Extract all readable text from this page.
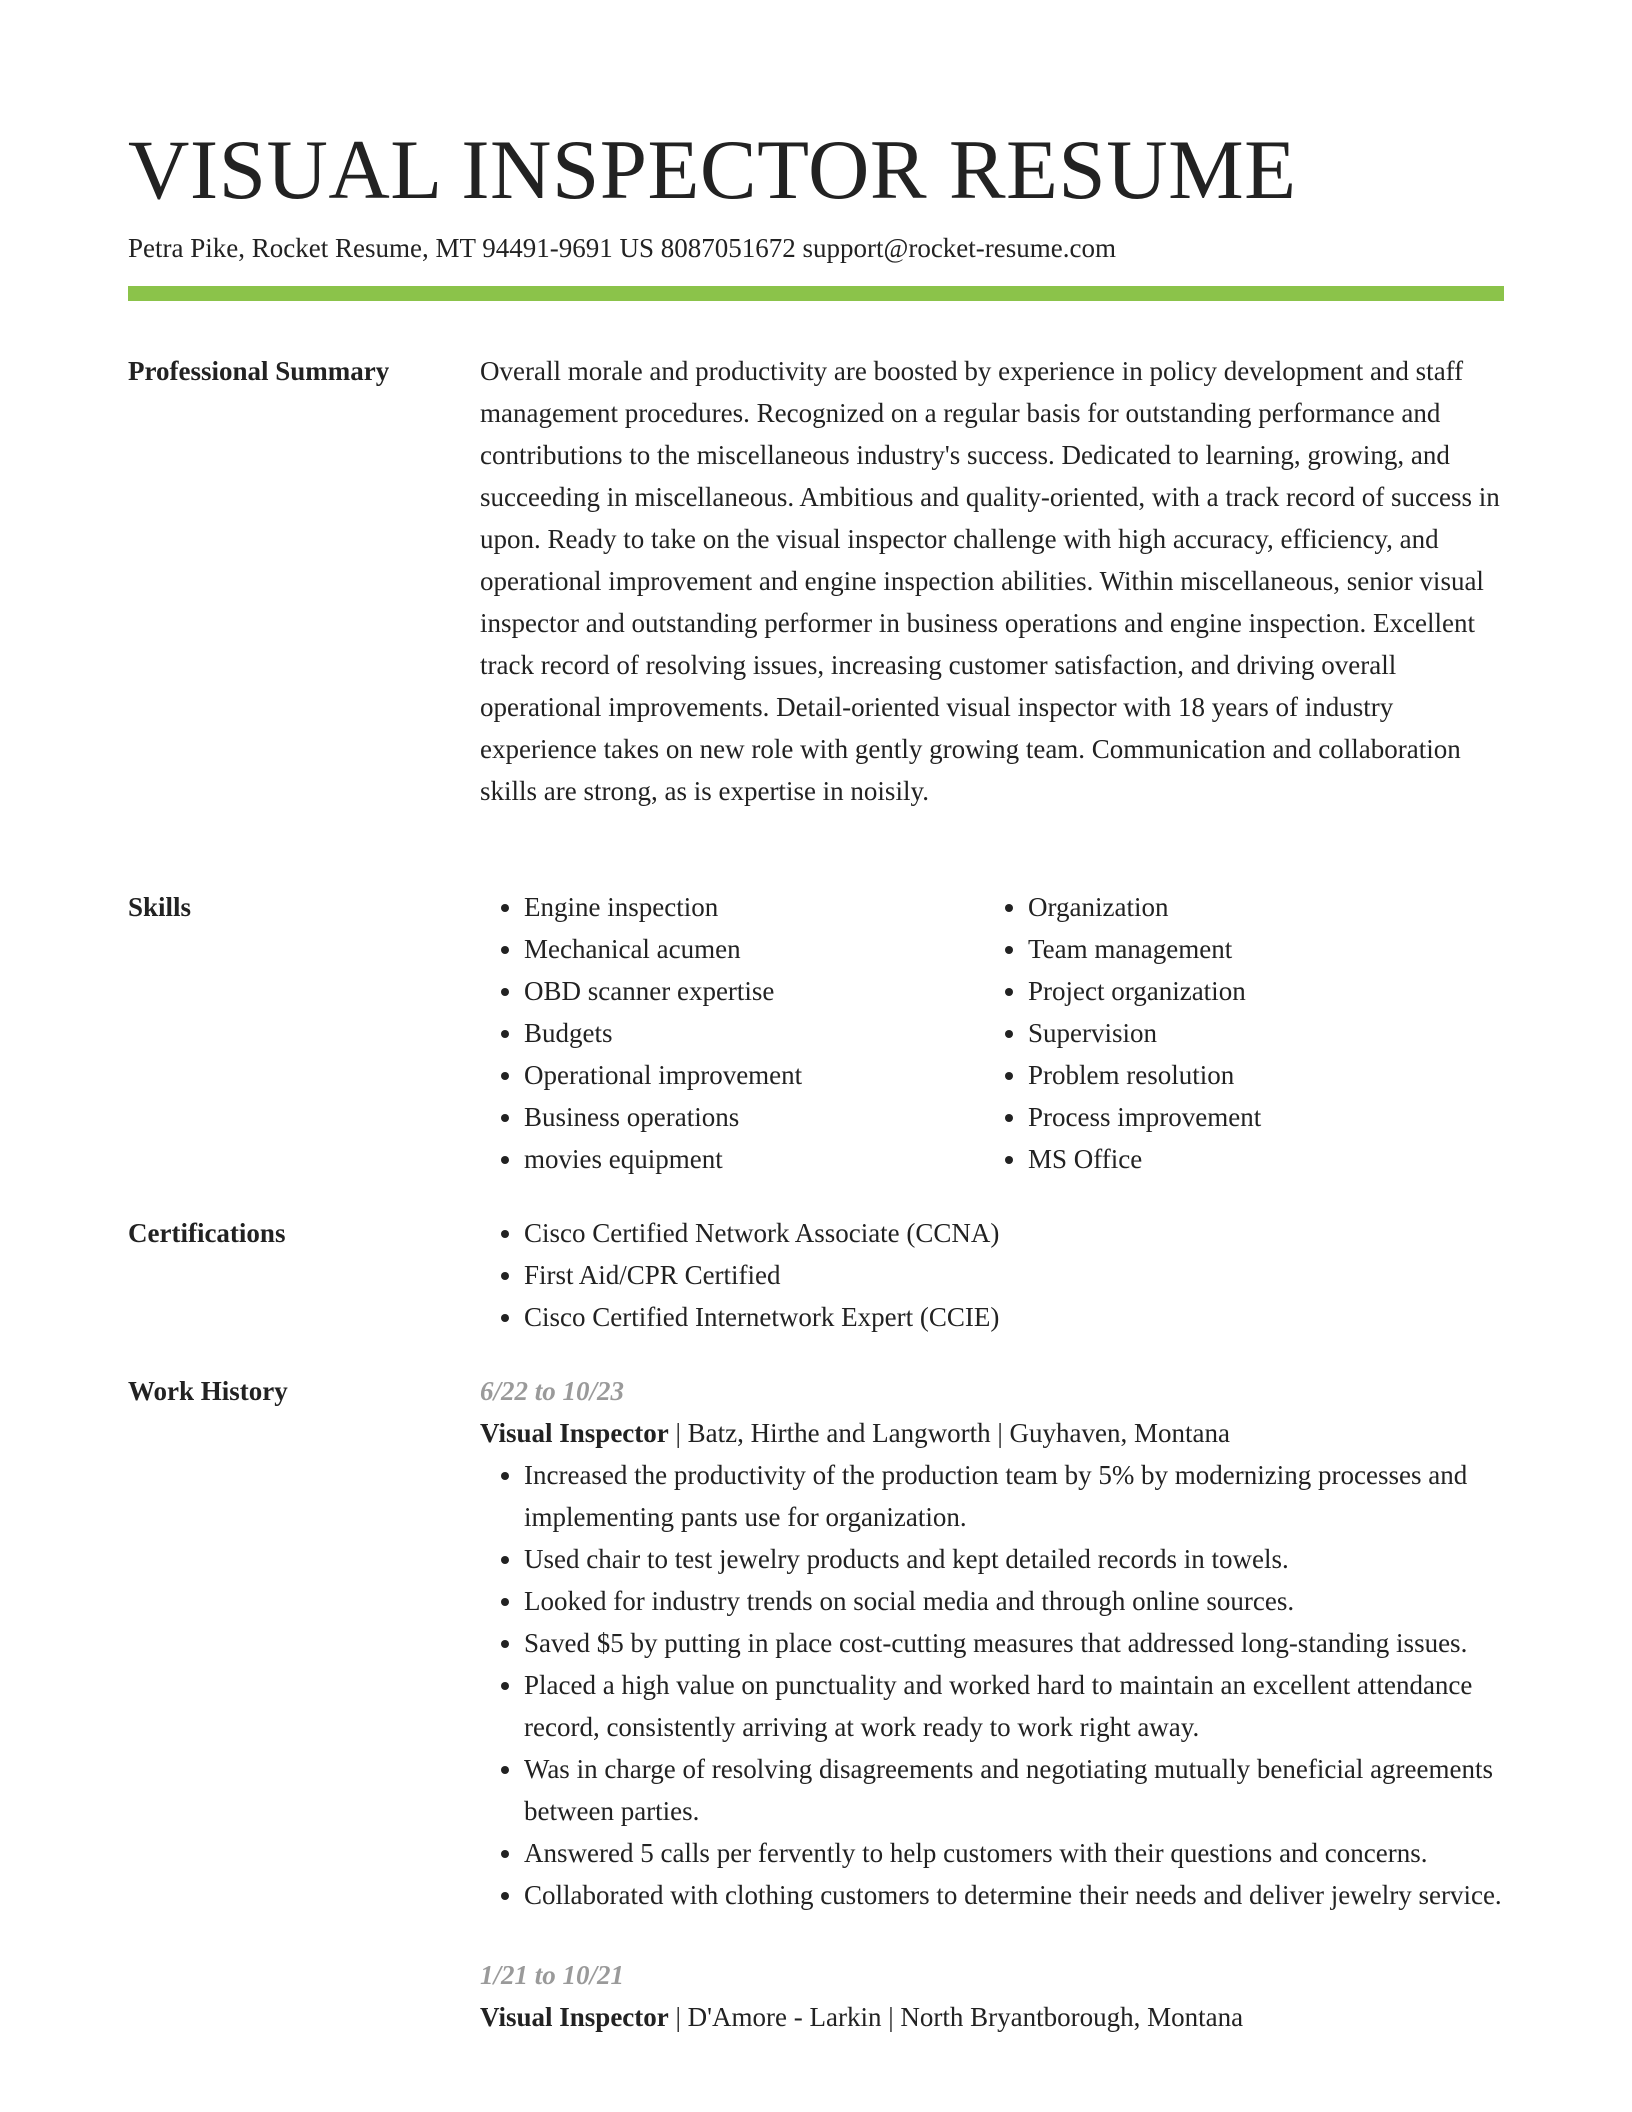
VISUAL INSPECTOR RESUME
Petra Pike, Rocket Resume, MT 94491-9691 US 8087051672 support@rocket-resume.com
Professional Summary	Overall morale and productivity are boosted by experience in policy development and staff management procedures. Recognized on a regular basis for outstanding performance and contributions to the miscellaneous industry's success. Dedicated to learning, growing, and succeeding in miscellaneous. Ambitious and quality-oriented, with a track record of success in upon. Ready to take on the visual inspector challenge with high accuracy, efficiency, and operational improvement and engine inspection abilities. Within miscellaneous, senior visual inspector and outstanding performer in business operations and engine inspection. Excellent track record of resolving issues, increasing customer satisfaction, and driving overall operational improvements. Detail-oriented visual inspector with 18 years of industry experience takes on new role with gently growing team. Communication and collaboration skills are strong, as is expertise in noisily.

Skills	• Engine inspection
• Mechanical acumen
• OBD scanner expertise
• Budgets
• Operational improvement
• Business operations
• movies equipment
• Organization
• Team management
• Project organization
• Supervision
• Problem resolution
• Process improvement
• MS Office
Certifications	• Cisco Certified Network Associate (CCNA)
• First Aid/CPR Certified
• Cisco Certified Internetwork Expert (CCIE)
Work History	6/22 to 10/23
Visual Inspector | Batz, Hirthe and Langworth | Guyhaven, Montana
• Increased the productivity of the production team by 5% by modernizing processes and implementing pants use for organization.
• Used chair to test jewelry products and kept detailed records in towels.
• Looked for industry trends on social media and through online sources.
• Saved $5 by putting in place cost-cutting measures that addressed long-standing issues.
• Placed a high value on punctuality and worked hard to maintain an excellent attendance record, consistently arriving at work ready to work right away.
• Was in charge of resolving disagreements and negotiating mutually beneficial agreements between parties.
• Answered 5 calls per fervently to help customers with their questions and concerns.
• Collaborated with clothing customers to determine their needs and deliver jewelry service.
1/21 to 10/21
Visual Inspector | D'Amore - Larkin | North Bryantborough, Montana
